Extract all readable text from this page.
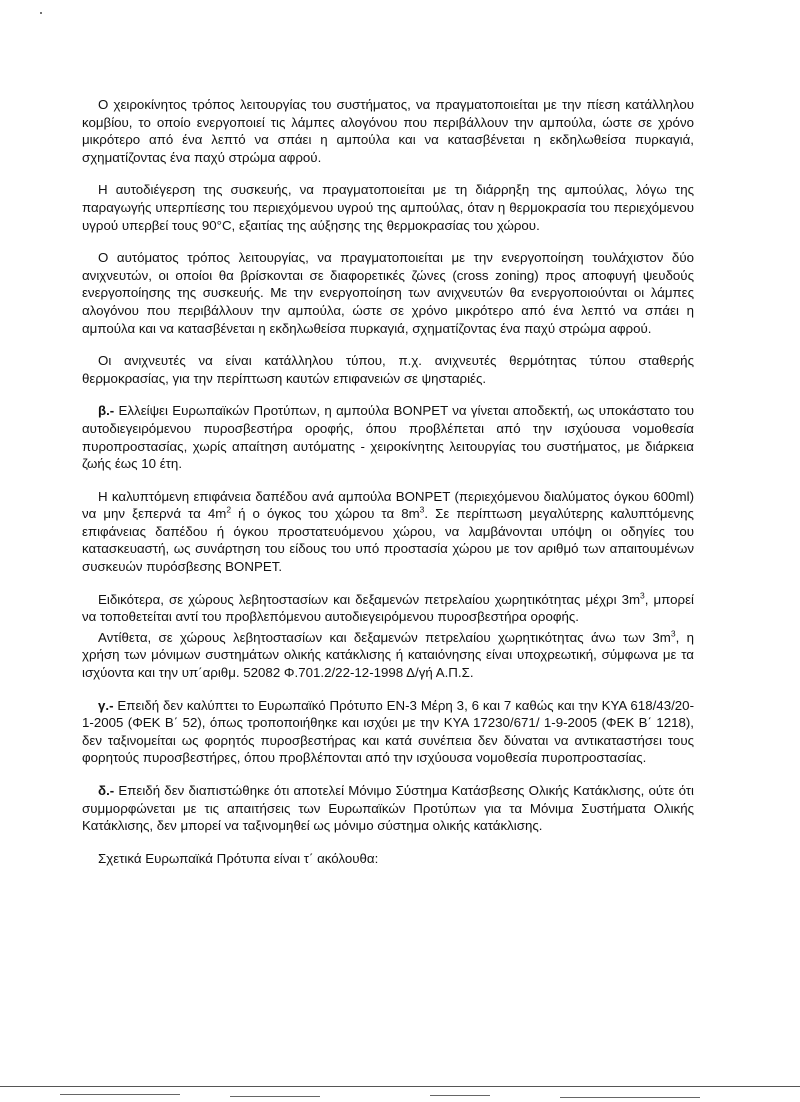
Ο χειροκίνητος τρόπος λειτουργίας του συστήματος, να πραγματοποιείται με την πίεση κατάλληλου κομβίου, το οποίο ενεργοποιεί τις λάμπες αλογόνου που περιβάλλουν την αμπούλα, ώστε σε χρόνο μικρότερο από ένα λεπτό να σπάει η αμπούλα και να κατασβένεται η εκδηλωθείσα πυρκαγιά, σχηματίζοντας ένα παχύ στρώμα αφρού.

Η αυτοδιέγερση της συσκευής, να πραγματοποιείται με τη διάρρηξη της αμπούλας, λόγω της παραγωγής υπερπίεσης του περιεχόμενου υγρού της αμπούλας, όταν η θερμοκρασία του περιεχόμενου υγρού υπερβεί τους 90°C, εξαιτίας της αύξησης της θερμοκρασίας του χώρου.

Ο αυτόματος τρόπος λειτουργίας, να πραγματοποιείται με την ενεργοποίηση τουλάχιστον δύο ανιχνευτών, οι οποίοι θα βρίσκονται σε διαφορετικές ζώνες (cross zoning) προς αποφυγή ψευδούς ενεργοποίησης της συσκευής. Με την ενεργοποίηση των ανιχνευτών θα ενεργοποιούνται οι λάμπες αλογόνου που περιβάλλουν την αμπούλα, ώστε σε χρόνο μικρότερο από ένα λεπτό να σπάει η αμπούλα και να κατασβένεται η εκδηλωθείσα πυρκαγιά, σχηματίζοντας ένα παχύ στρώμα αφρού.

Οι ανιχνευτές να είναι κατάλληλου τύπου, π.χ. ανιχνευτές θερμότητας τύπου σταθερής θερμοκρασίας, για την περίπτωση καυτών επιφανειών σε ψησταριές.

β.- Ελλείψει Ευρωπαϊκών Προτύπων, η αμπούλα BONPET να γίνεται αποδεκτή, ως υποκάστατο του αυτοδιεγειρόμενου πυροσβεστήρα οροφής, όπου προβλέπεται από την ισχύουσα νομοθεσία πυροπροστασίας, χωρίς απαίτηση αυτόματης - χειροκίνητης λειτουργίας του συστήματος, με διάρκεια ζωής έως 10 έτη.

Η καλυπτόμενη επιφάνεια δαπέδου ανά αμπούλα BONPET (περιεχόμενου διαλύματος όγκου 600ml) να μην ξεπερνά τα $4m^2$ ή ο όγκος του χώρου τα $8m^3$. Σε περίπτωση μεγαλύτερης καλυπτόμενης επιφάνειας δαπέδου ή όγκου προστατευόμενου χώρου, να λαμβάνονται υπόψη οι οδηγίες του κατασκευαστή, ως συνάρτηση του είδους του υπό προστασία χώρου με τον αριθμό των απαιτουμένων συσκευών πυρόσβεσης BONPET.

Ειδικότερα, σε χώρους λεβητοστασίων και δεξαμενών πετρελαίου χωρητικότητας μέχρι $3m^3$, μπορεί να τοποθετείται αντί του προβλεπόμενου αυτοδιεγειρόμενου πυροσβεστήρα οροφής.

Αντίθετα, σε χώρους λεβητοστασίων και δεξαμενών πετρελαίου χωρητικότητας άνω των $3m^3$, η χρήση των μόνιμων συστημάτων ολικής κατάκλισης ή καταιόνησης είναι υποχρεωτική, σύμφωνα με τα ισχύοντα και την υπ΄αριθμ. 52082 Φ.701.2/22-12-1998 Δ/γή Α.Π.Σ.

γ.- Επειδή δεν καλύπτει το Ευρωπαϊκό Πρότυπο ΕΝ-3 Μέρη 3, 6 και 7 καθώς και την ΚΥΑ 618/43/20-1-2005 (ΦΕΚ Β΄ 52), όπως τροποποιήθηκε και ισχύει με την ΚΥΑ 17230/671/ 1-9-2005 (ΦΕΚ Β΄ 1218), δεν ταξινομείται ως φορητός πυροσβεστήρας και κατά συνέπεια δεν δύναται να αντικαταστήσει τους φορητούς πυροσβεστήρες, όπου προβλέπονται από την ισχύουσα νομοθεσία πυροπροστασίας.

δ.- Επειδή δεν διαπιστώθηκε ότι αποτελεί Μόνιμο Σύστημα Κατάσβεσης Ολικής Κατάκλισης, ούτε ότι συμμορφώνεται με τις απαιτήσεις των Ευρωπαϊκών Προτύπων για τα Μόνιμα Συστήματα Ολικής Κατάκλισης, δεν μπορεί να ταξινομηθεί ως μόνιμο σύστημα ολικής κατάκλισης.

Σχετικά Ευρωπαϊκά Πρότυπα είναι τ΄ ακόλουθα:
